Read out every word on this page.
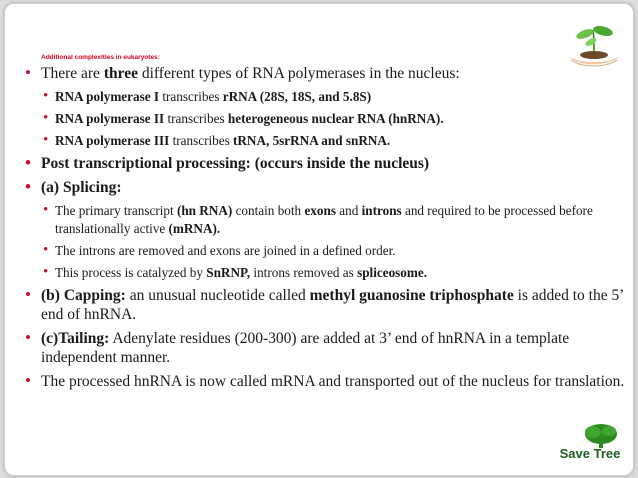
Additional complexities in eukaryotes:
• There are three different types of RNA polymerases in the nucleus:
• RNA polymerase I transcribes rRNA (28S, 18S, and 5.8S)
• RNA polymerase II transcribes heterogeneous nuclear RNA (hnRNA).
• RNA polymerase III transcribes tRNA, 5srRNA and snRNA.
• Post transcriptional processing: (occurs inside the nucleus)
• (a) Splicing:
• The primary transcript (hn RNA) contain both exons and introns and required to be processed before translationally active (mRNA).
• The introns are removed and exons are joined in a defined order.
• This process is catalyzed by SnRNP, introns removed as spliceosome.
• (b) Capping: an unusual nucleotide called methyl guanosine triphosphate is added to the 5’ end of hnRNA.
• (c)Tailing: Adenylate residues (200-300) are added at 3’ end of hnRNA in a template independent manner.
• The processed hnRNA is now called mRNA and transported out of the nucleus for translation.
Save Tree
